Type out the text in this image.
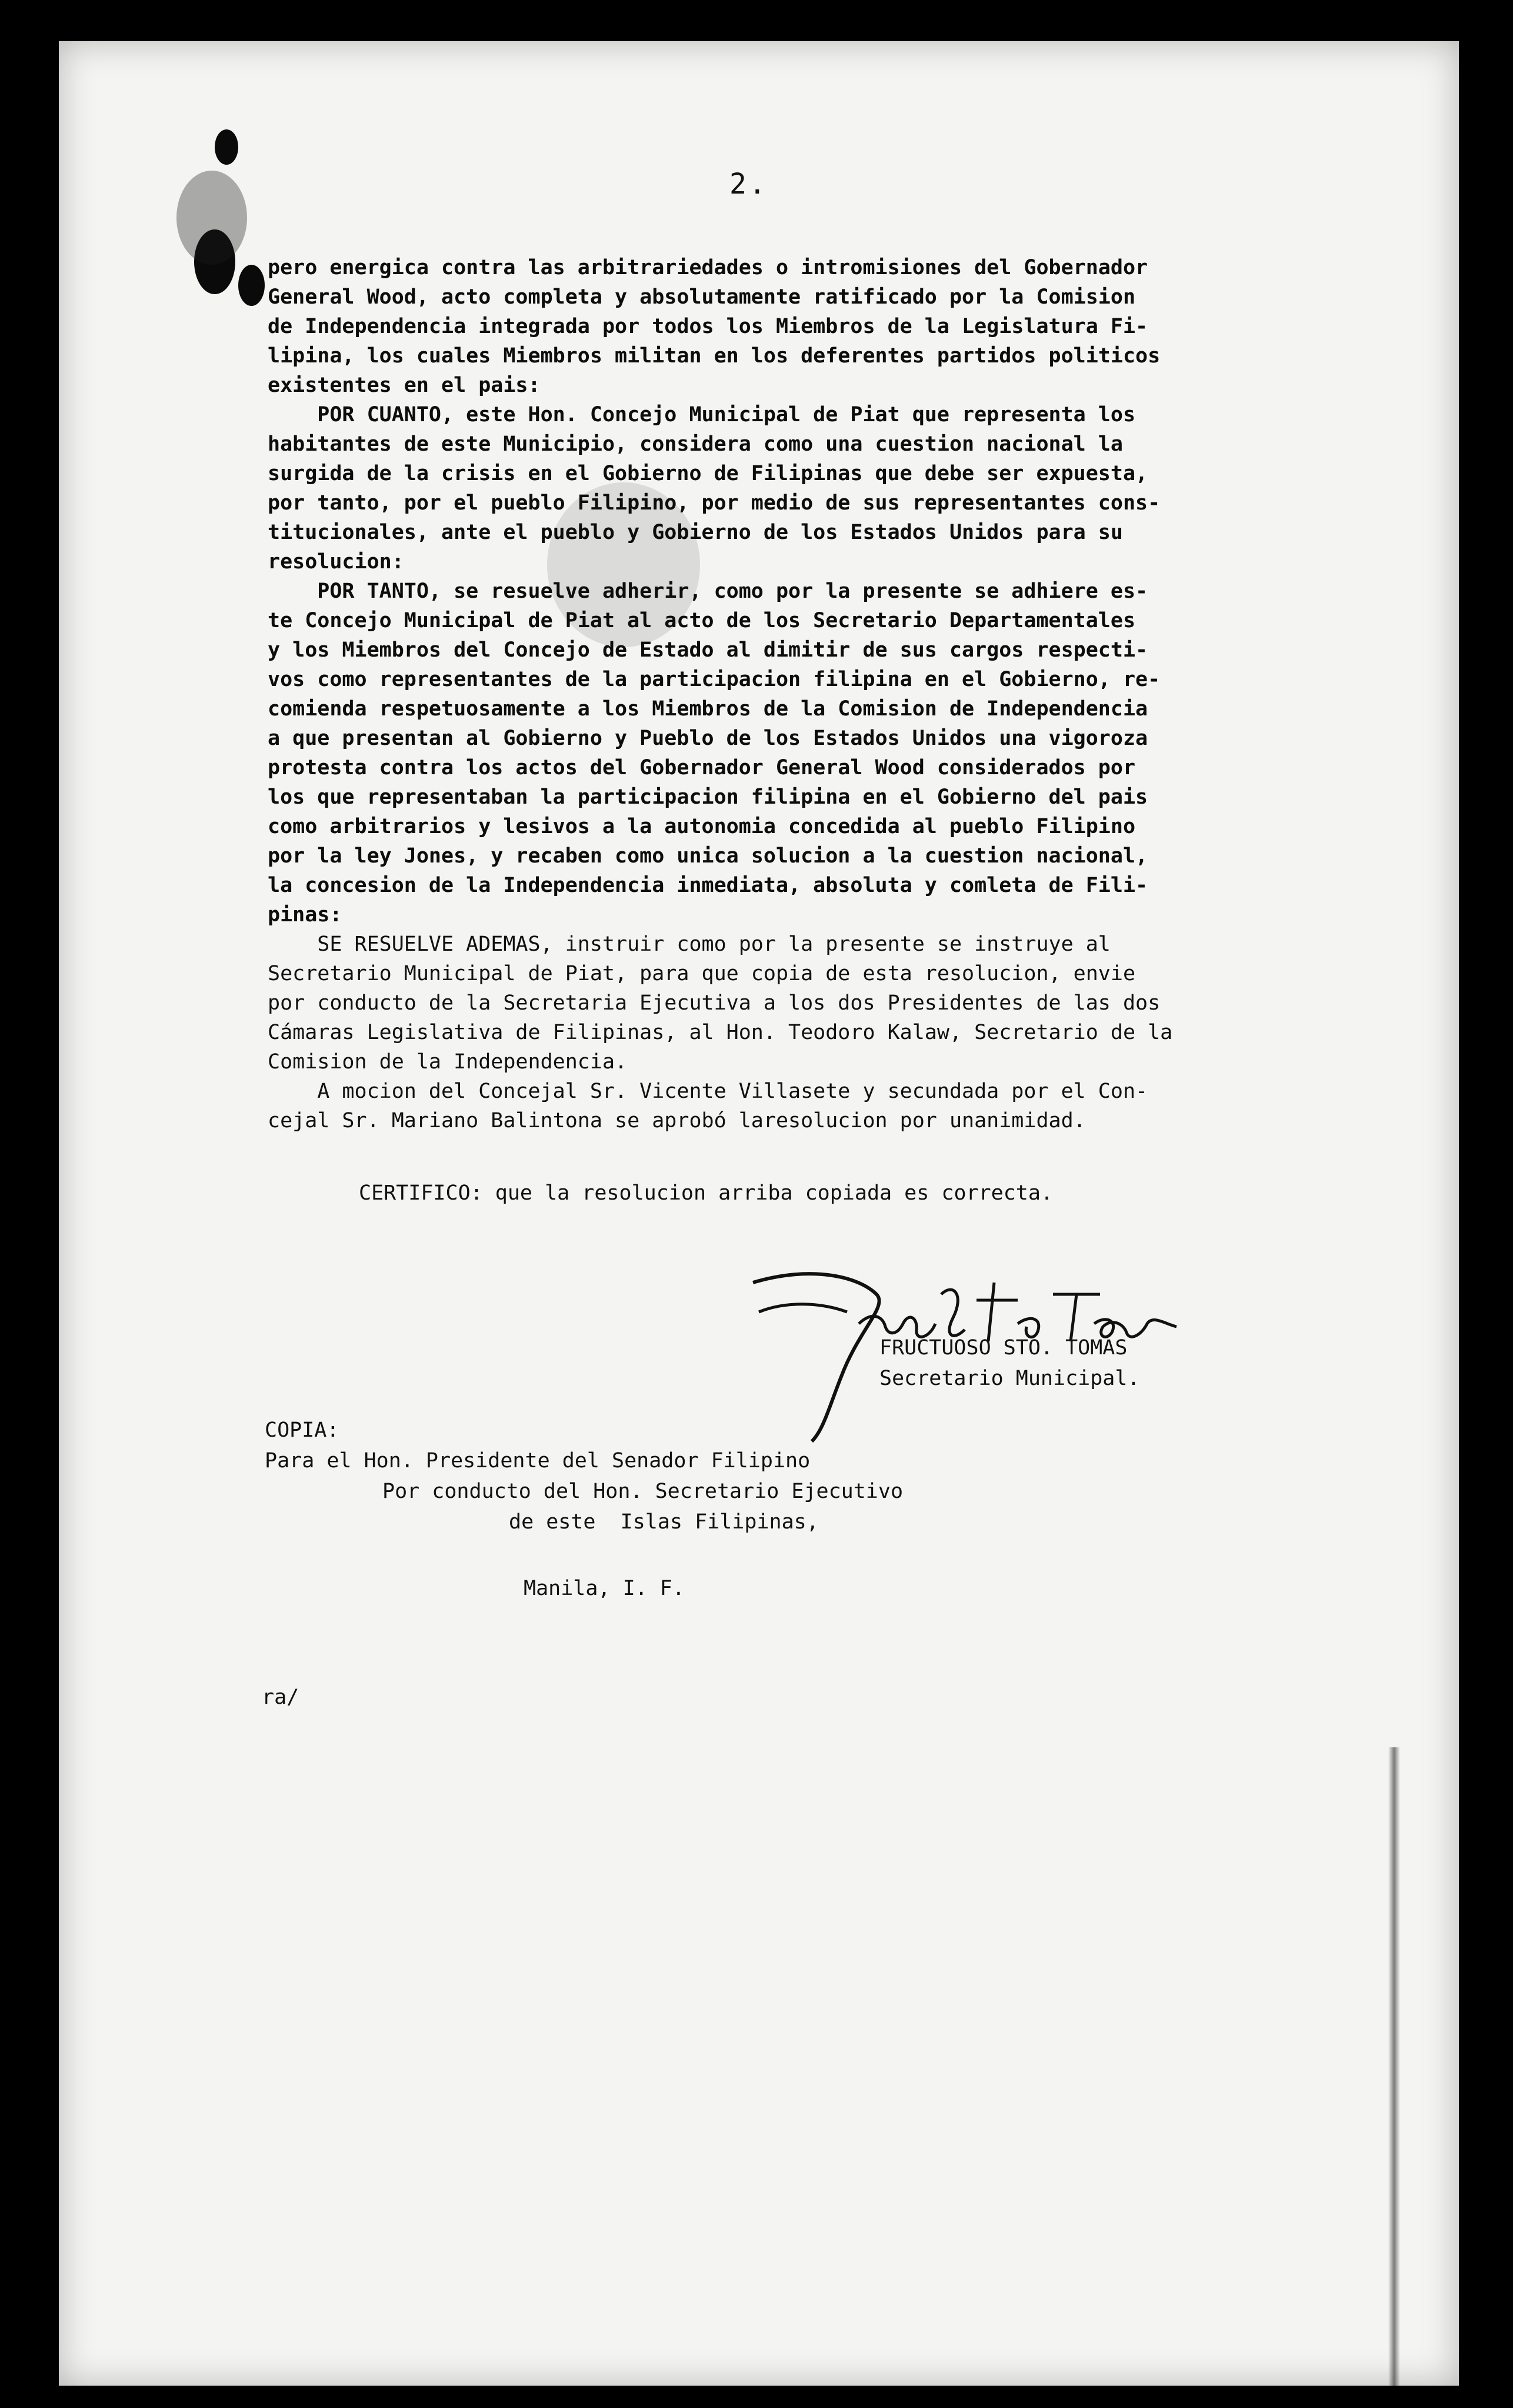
2.
pero energica contra las arbitrariedades o intromisiones del Gobernador
General Wood, acto completa y absolutamente ratificado por la Comision
de Independencia integrada por todos los Miembros de la Legislatura Fi-
lipina, los cuales Miembros militan en los deferentes partidos politicos
existentes en el pais:
POR CUANTO, este Hon. Concejo Municipal de Piat que representa los
habitantes de este Municipio, considera como una cuestion nacional la
surgida de la crisis en el Gobierno de Filipinas que debe ser expuesta,
por tanto, por el pueblo Filipino, por medio de sus representantes cons-
titucionales, ante el pueblo y Gobierno de los Estados Unidos para su
resolucion:
POR TANTO, se resuelve adherir, como por la presente se adhiere es-
te Concejo Municipal de Piat al acto de los Secretario Departamentales
y los Miembros del Concejo de Estado al dimitir de sus cargos respecti-
vos como representantes de la participacion filipina en el Gobierno, re-
comienda respetuosamente a los Miembros de la Comision de Independencia
a que presentan al Gobierno y Pueblo de los Estados Unidos una vigoroza
protesta contra los actos del Gobernador General Wood considerados por
los que representaban la participacion filipina en el Gobierno del pais
como arbitrarios y lesivos a la autonomia concedida al pueblo Filipino
por la ley Jones, y recaben como unica solucion a la cuestion nacional,
la concesion de la Independencia inmediata, absoluta y comleta de Fili-
pinas:
SE RESUELVE ADEMAS, instruir como por la presente se instruye al
Secretario Municipal de Piat, para que copia de esta resolucion, envie
por conducto de la Secretaria Ejecutiva a los dos Presidentes de las dos
Cámaras Legislativa de Filipinas, al Hon. Teodoro Kalaw, Secretario de la
Comision de la Independencia.
A mocion del Concejal Sr. Vicente Villasete y secundada por el Con-
cejal Sr. Mariano Balintona se aprobó laresolucion por unanimidad.
CERTIFICO: que la resolucion arriba copiada es correcta.
FRUCTUOSO STO. TOMAS
Secretario Municipal.
COPIA:
Para el Hon. Presidente del Senador Filipino
Por conducto del Hon. Secretario Ejecutivo
de este  Islas Filipinas,
Manila, I. F.
ra/
